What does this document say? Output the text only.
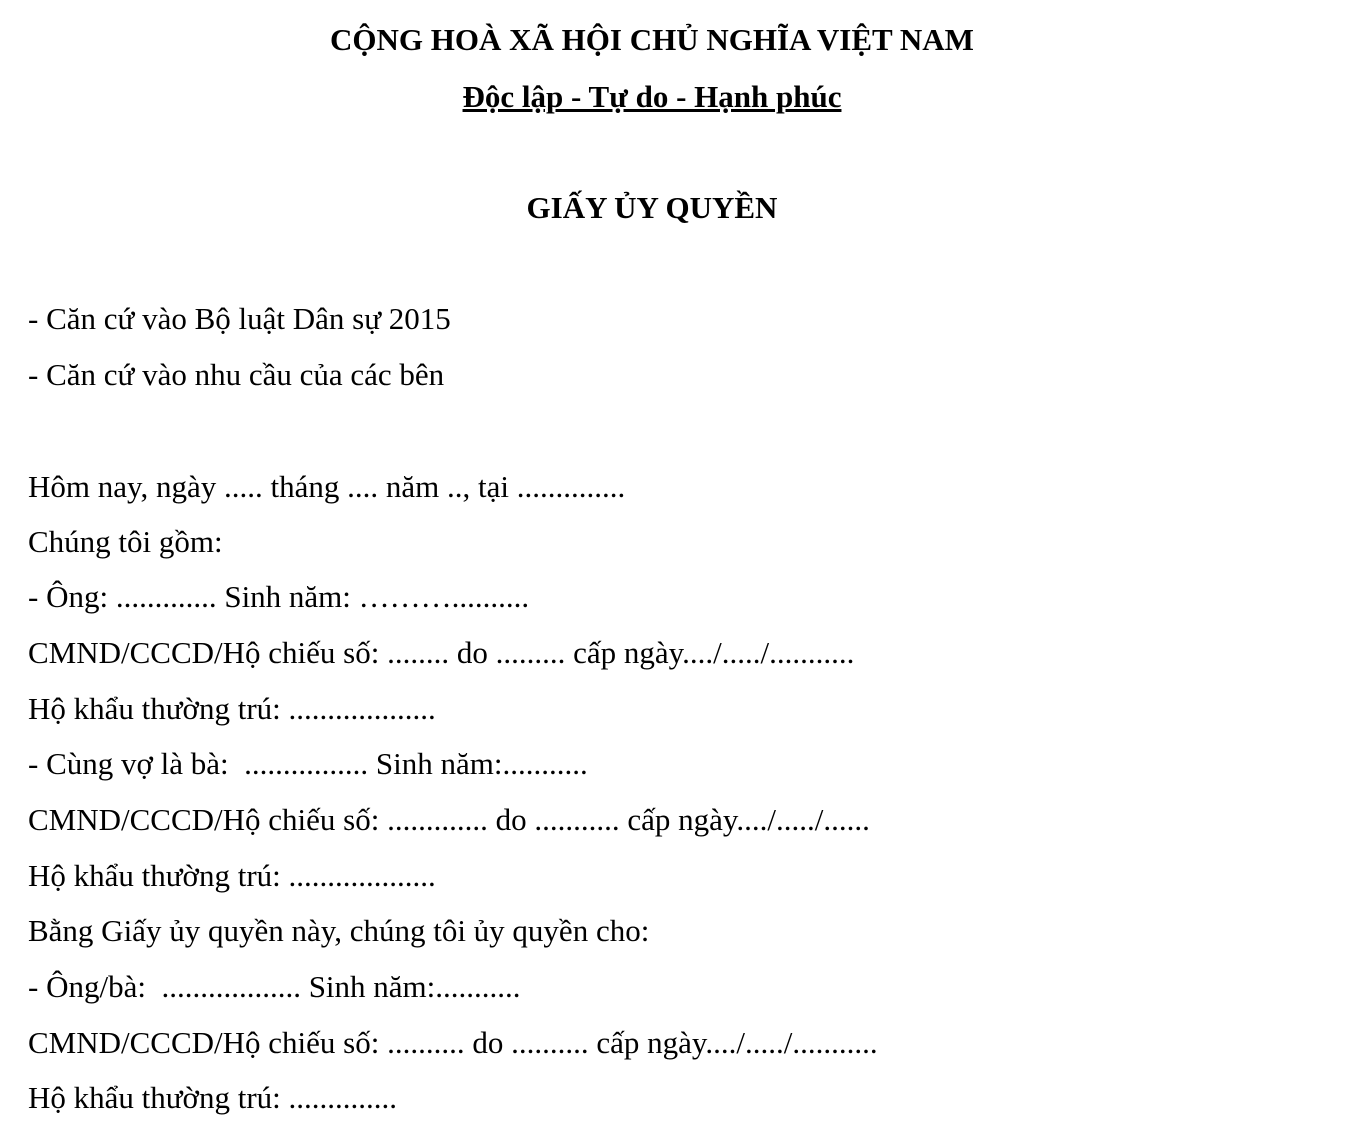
CỘNG HOÀ XÃ HỘI CHỦ NGHĨA VIỆT NAM
Độc lập - Tự do - Hạnh phúc
GIẤY ỦY QUYỀN
- Căn cứ vào Bộ luật Dân sự 2015
- Căn cứ vào nhu cầu của các bên
Hôm nay, ngày ..... tháng .... năm .., tại ..............
Chúng tôi gồm:
- Ông: ............. Sinh năm: ………..........
CMND/CCCD/Hộ chiếu số: ........ do ......... cấp ngày..../...../...........
Hộ khẩu thường trú: ...................
- Cùng vợ là bà:  ................ Sinh năm:...........
CMND/CCCD/Hộ chiếu số: ............. do ........... cấp ngày..../...../......
Hộ khẩu thường trú: ...................
Bằng Giấy ủy quyền này, chúng tôi ủy quyền cho:
- Ông/bà:  .................. Sinh năm:...........
CMND/CCCD/Hộ chiếu số: .......... do .......... cấp ngày..../...../...........
Hộ khẩu thường trú: ..............
